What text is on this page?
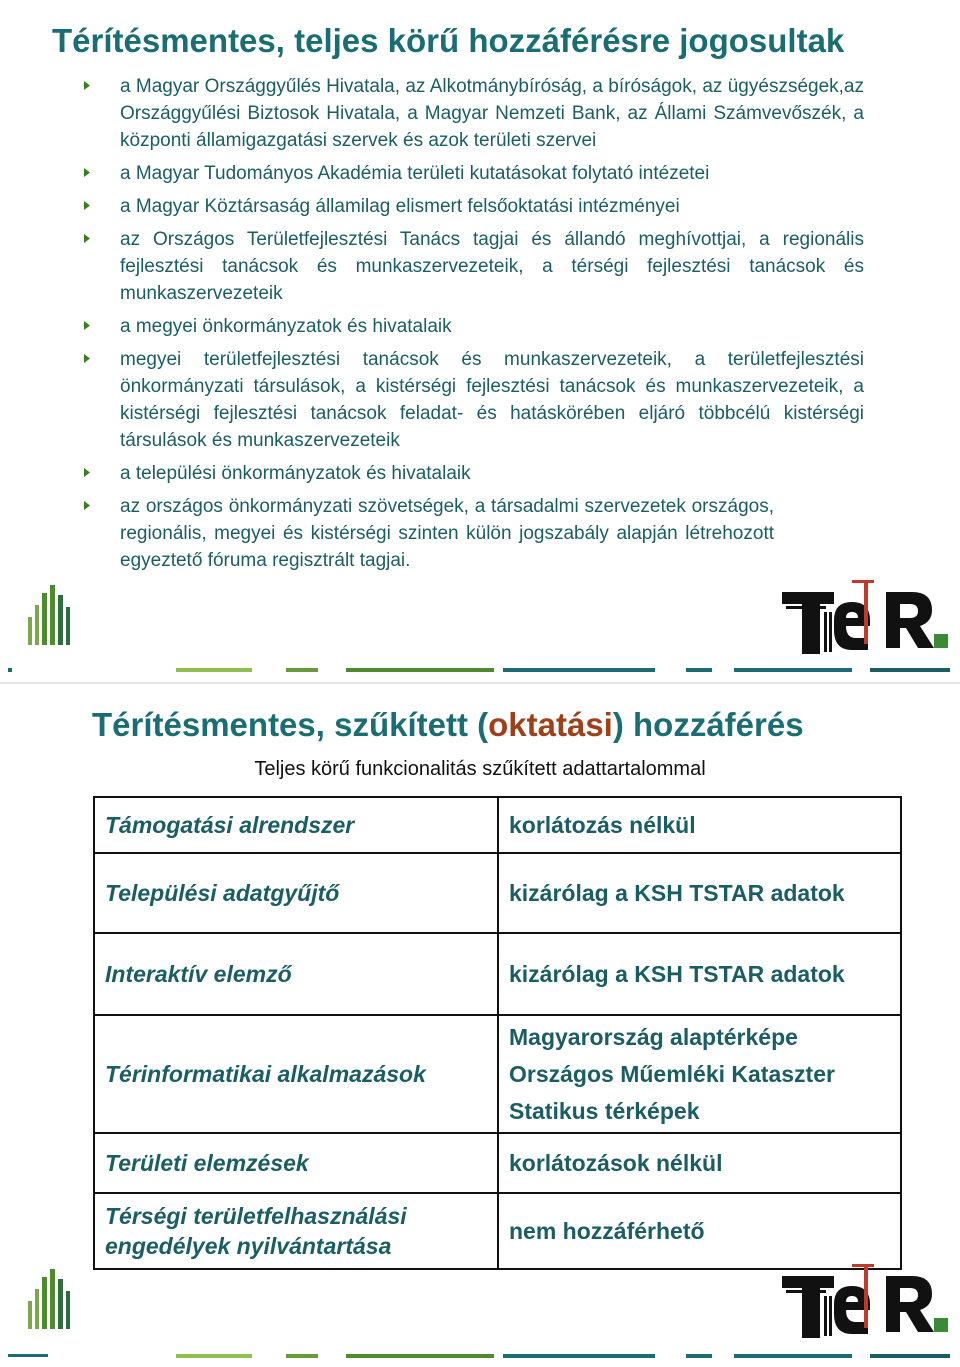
Térítésmentes, teljes körű hozzáférésre jogosultak
a Magyar Országgyűlés Hivatala, az Alkotmánybíróság, a bíróságok, az ügyészségek,az Országgyűlési Biztosok Hivatala, a Magyar Nemzeti Bank, az Állami Számvevőszék, a központi államigazgatási szervek és azok területi szervei
a Magyar Tudományos Akadémia területi kutatásokat folytató intézetei
a Magyar Köztársaság államilag elismert felsőoktatási intézményei
az Országos Területfejlesztési Tanács tagjai és állandó meghívottjai, a regionális fejlesztési tanácsok és munkaszervezeteik, a térségi fejlesztési tanácsok és munkaszervezeteik
a megyei önkormányzatok és hivatalaik
megyei területfejlesztési tanácsok és munkaszervezeteik, a területfejlesztési önkormányzati társulások, a kistérségi fejlesztési tanácsok és munkaszervezeteik, a kistérségi fejlesztési tanácsok feladat- és hatáskörében eljáró többcélú kistérségi társulások és munkaszervezeteik
a települési önkormányzatok és hivatalaik
az országos önkormányzati szövetségek, a társadalmi szervezetek országos, regionális, megyei és kistérségi szinten külön jogszabály alapján létrehozott egyeztető fóruma regisztrált tagjai.
Térítésmentes, szűkített (oktatási) hozzáférés
Teljes körű funkcionalitás szűkített adattartalommal
Támogatási alrendszer	korlátozás nélkül
Települési adatgyűjtő	kizárólag a KSH TSTAR adatok
Interaktív elemző	kizárólag a KSH TSTAR adatok
Térinformatikai alkalmazások	Magyarország alaptérképe
Országos Műemléki Kataszter
Statikus térképek

Területi elemzések	korlátozások nélkül

Térségi területfelhasználási
engedélyek nyilvántartása	nem hozzáférhető
